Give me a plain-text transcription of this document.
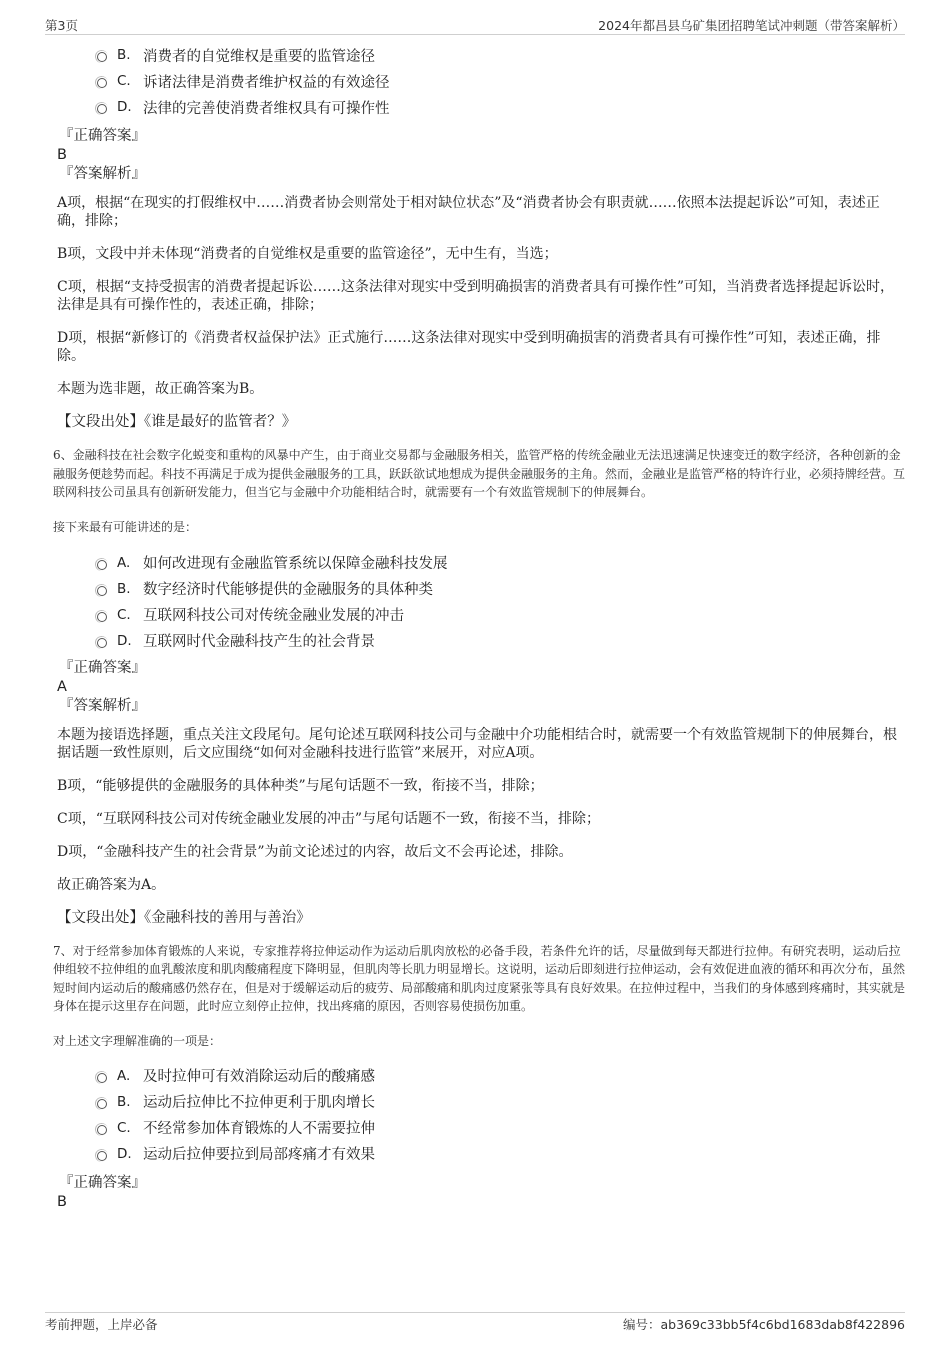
第3页	2024年都昌县乌矿集团招聘笔试冲刺题（带答案解析）
B. 消费者的自觉维权是重要的监管途径
C. 诉诸法律是消费者维护权益的有效途径
D. 法律的完善使消费者维权具有可操作性
『正确答案』
B
『答案解析』

A项，根据“在现实的打假维权中……消费者协会则常处于相对缺位状态”及“消费者协会有职责就……依照本法提起诉讼”可知，表述正确，排除；

B项，文段中并未体现“消费者的自觉维权是重要的监管途径”，无中生有，当选；

C项，根据“支持受损害的消费者提起诉讼……这条法律对现实中受到明确损害的消费者具有可操作性”可知，当消费者选择提起诉讼时，法律是具有可操作性的，表述正确，排除；

D项，根据“新修订的《消费者权益保护法》正式施行……这条法律对现实中受到明确损害的消费者具有可操作性”可知，表述正确，排除。

本题为选非题，故正确答案为B。

【文段出处】《谁是最好的监管者？》

6、金融科技在社会数字化蜕变和重构的风暴中产生，由于商业交易都与金融服务相关，监管严格的传统金融业无法迅速满足快速变迁的数字经济，各种创新的金融服务便趁势而起。科技不再满足于成为提供金融服务的工具，跃跃欲试地想成为提供金融服务的主角。然而，金融业是监管严格的特许行业，必须持牌经营。互联网科技公司虽具有创新研发能力，但当它与金融中介功能相结合时，就需要有一个有效监管规制下的伸展舞台。

接下来最有可能讲述的是：

A. 如何改进现有金融监管系统以保障金融科技发展
B. 数字经济时代能够提供的金融服务的具体种类
C. 互联网科技公司对传统金融业发展的冲击
D. 互联网时代金融科技产生的社会背景
『正确答案』
A
『答案解析』

本题为接语选择题，重点关注文段尾句。尾句论述互联网科技公司与金融中介功能相结合时，就需要一个有效监管规制下的伸展舞台，根据话题一致性原则，后文应围绕“如何对金融科技进行监管”来展开，对应A项。

B项，“能够提供的金融服务的具体种类”与尾句话题不一致，衔接不当，排除；

C项，“互联网科技公司对传统金融业发展的冲击”与尾句话题不一致，衔接不当，排除；

D项，“金融科技产生的社会背景”为前文论述过的内容，故后文不会再论述，排除。

故正确答案为A。

【文段出处】《金融科技的善用与善治》

7、对于经常参加体育锻炼的人来说，专家推荐将拉伸运动作为运动后肌肉放松的必备手段，若条件允许的话，尽量做到每天都进行拉伸。有研究表明，运动后拉伸组较不拉伸组的血乳酸浓度和肌肉酸痛程度下降明显，但肌肉等长肌力明显增长。这说明，运动后即刻进行拉伸运动，会有效促进血液的循环和再次分布，虽然短时间内运动后的酸痛感仍然存在，但是对于缓解运动后的疲劳、局部酸痛和肌肉过度紧张等具有良好效果。在拉伸过程中，当我们的身体感到疼痛时，其实就是身体在提示这里存在问题，此时应立刻停止拉伸，找出疼痛的原因，否则容易使损伤加重。

对上述文字理解准确的一项是：

A. 及时拉伸可有效消除运动后的酸痛感
B. 运动后拉伸比不拉伸更利于肌肉增长
C. 不经常参加体育锻炼的人不需要拉伸
D. 运动后拉伸要拉到局部疼痛才有效果
『正确答案』
B
考前押题，上岸必备	编号：ab369c33bb5f4c6bd1683dab8f422896
